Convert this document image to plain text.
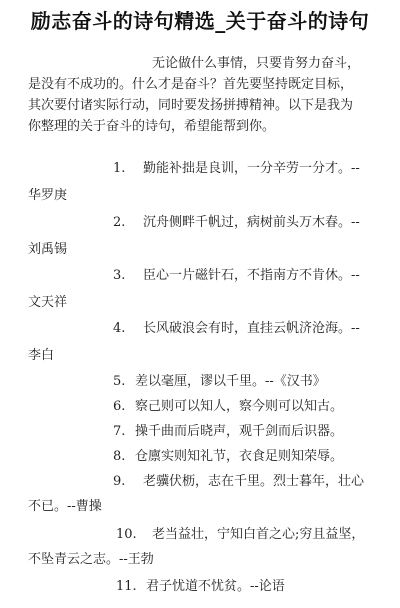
励志奋斗的诗句精选_关于奋斗的诗句
无论做什么事情，只要肯努力奋斗，
是没有不成功的。什么才是奋斗？首先要坚持既定目标，
其次要付诸实际行动，同时要发扬拼搏精神。以下是我为
你整理的关于奋斗的诗句，希望能帮到你。
1. 勤能补拙是良训，一分辛劳一分才。--
华罗庚
2. 沉舟侧畔千帆过，病树前头万木春。--
刘禹锡
3. 臣心一片磁针石，不指南方不肯休。--
文天祥
4. 长风破浪会有时，直挂云帆济沧海。--
李白
5. 差以毫厘，谬以千里。--《汉书》
6. 察己则可以知人，察今则可以知古。
7. 操千曲而后晓声，观千剑而后识器。
8. 仓廪实则知礼节，衣食足则知荣辱。
9. 老骥伏枥，志在千里。烈士暮年，壮心
不已。--曹操
10. 老当益壮，宁知白首之心;穷且益坚，
不坠青云之志。--王勃
11. 君子忧道不忧贫。--论语
